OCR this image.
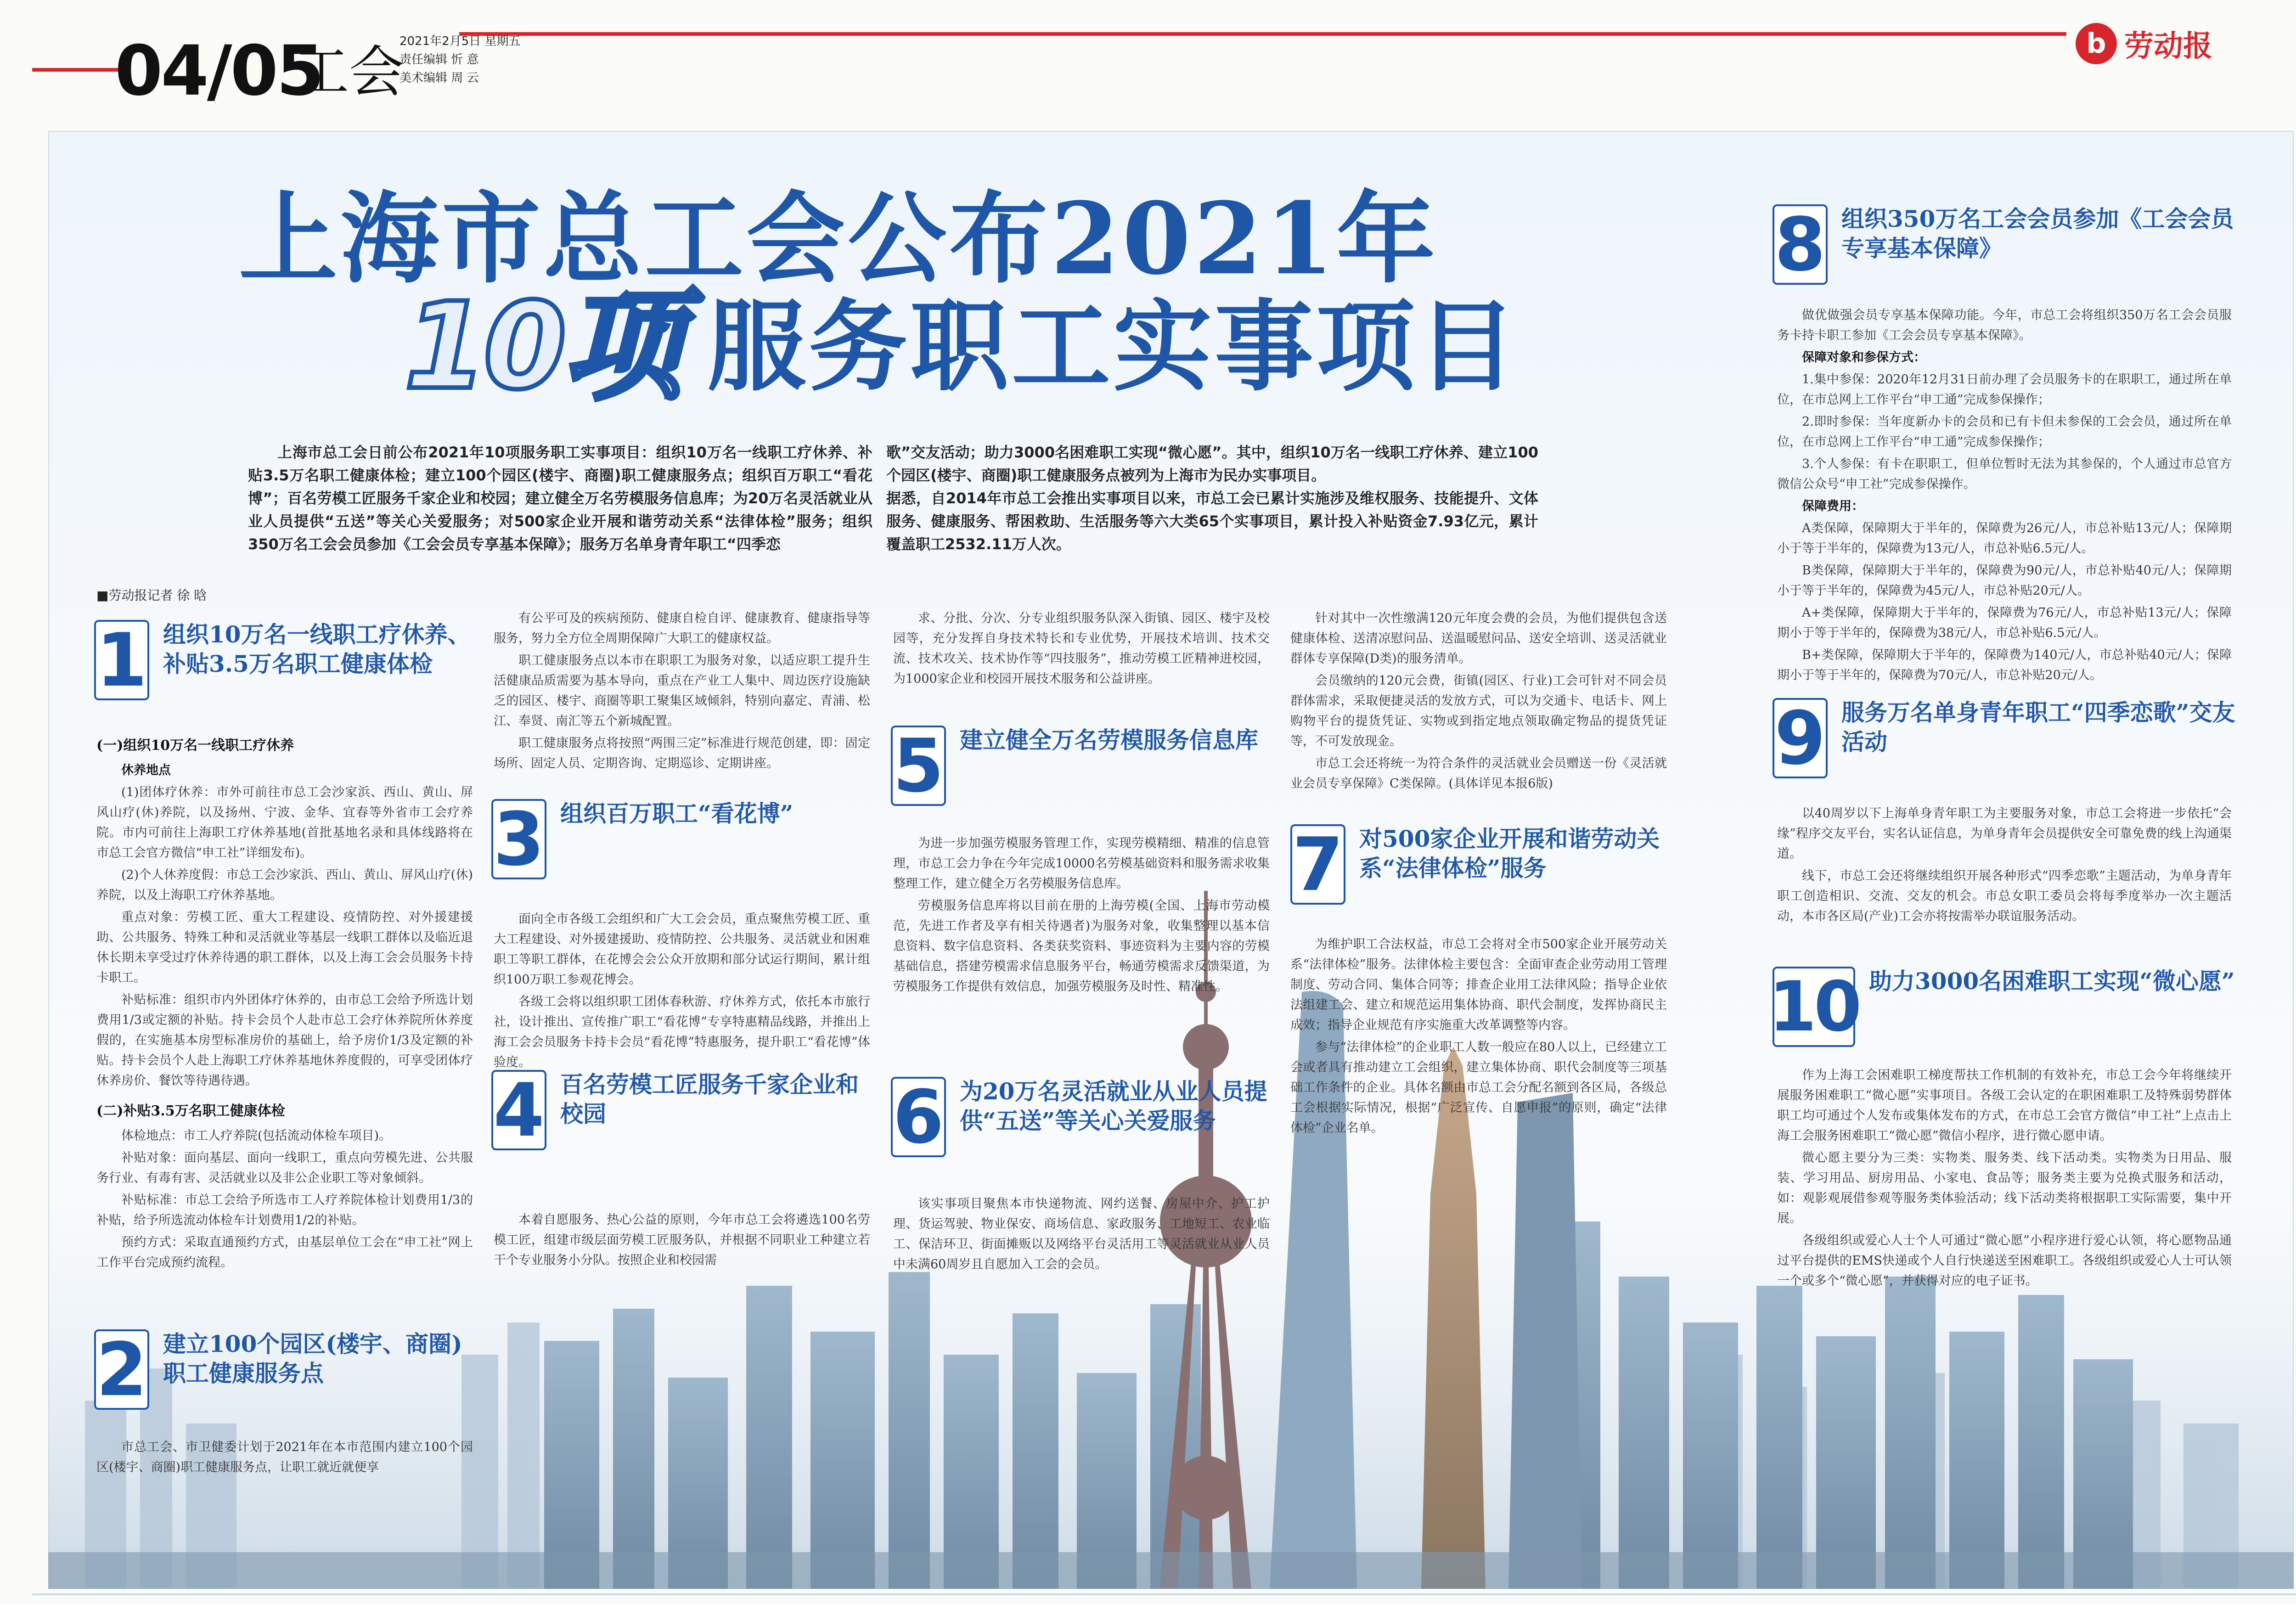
04/05
工会
2021年2月5日 星期五
责任编辑 忻 意
美术编辑 周 云
b 劳动报
上海市总工会公布2021年
10项 服务职工实事项目
上海市总工会日前公布2021年10项服务职工实事项目：组织10万名一线职工疗休养、补贴3.5万名职工健康体检；建立100个园区(楼宇、商圈)职工健康服务点；组织百万职工“看花博”；百名劳模工匠服务千家企业和校园；建立健全万名劳模服务信息库；为20万名灵活就业从业人员提供“五送”等关心关爱服务；对500家企业开展和谐劳动关系“法律体检”服务；组织350万名工会会员参加《工会会员专享基本保障》；服务万名单身青年职工“四季恋
歌”交友活动；助力3000名困难职工实现“微心愿”。其中，组织10万名一线职工疗休养、建立100个园区(楼宇、商圈)职工健康服务点被列为上海市为民办实事项目。
据悉，自2014年市总工会推出实事项目以来，市总工会已累计实施涉及维权服务、技能提升、文体服务、健康服务、帮困救助、生活服务等六大类65个实事项目，累计投入补贴资金7.93亿元，累计覆盖职工2532.11万人次。
■劳动报记者 徐 晗
1 组织10万名一线职工疗休养、补贴3.5万名职工健康体检
2 建立100个园区(楼宇、商圈)职工健康服务点
3 组织百万职工“看花博”
4 百名劳模工匠服务千家企业和校园
5 建立健全万名劳模服务信息库
6 为20万名灵活就业从业人员提供“五送”等关心关爱服务
7 对500家企业开展和谐劳动关系“法律体检”服务
8 组织350万名工会会员参加《工会会员专享基本保障》
9 服务万名单身青年职工“四季恋歌”交友活动
10 助力3000名困难职工实现“微心愿”

(一)组织10万名一线职工疗休养

休养地点

(1)团体疗休养：市外可前往市总工会沙家浜、西山、黄山、屏风山疗(休)养院，以及扬州、宁波、金华、宜春等外省市工会疗养院。市内可前往上海职工疗休养基地(首批基地名录和具体线路将在市总工会官方微信“申工社”详细发布)。

(2)个人休养度假：市总工会沙家浜、西山、黄山、屏风山疗(休)养院，以及上海职工疗休养基地。

重点对象：劳模工匠、重大工程建设、疫情防控、对外援建援助、公共服务、特殊工种和灵活就业等基层一线职工群体以及临近退休长期未享受过疗休养待遇的职工群体，以及上海工会会员服务卡持卡职工。

补贴标准：组织市内外团体疗休养的，由市总工会给予所选计划费用1/3或定额的补贴。持卡会员个人赴市总工会疗休养院所休养度假的，在实施基本房型标准房价的基础上，给予房价1/3及定额的补贴。持卡会员个人赴上海职工疗休养基地休养度假的，可享受团体疗休养房价、餐饮等待遇待遇。

(二)补贴3.5万名职工健康体检

体检地点：市工人疗养院(包括流动体检车项目)。

补贴对象：面向基层、面向一线职工，重点向劳模先进、公共服务行业、有毒有害、灵活就业以及非公企业职工等对象倾斜。

补贴标准：市总工会给予所选市工人疗养院体检计划费用1/3的补贴，给予所选流动体检车计划费用1/2的补贴。

预约方式：采取直通预约方式，由基层单位工会在“申工社”网上工作平台完成预约流程。

市总工会、市卫健委计划于2021年在本市范围内建立100个园区(楼宇、商圈)职工健康服务点，让职工就近就便享

有公平可及的疾病预防、健康自检自评、健康教育、健康指导等服务，努力全方位全周期保障广大职工的健康权益。

职工健康服务点以本市在职职工为服务对象，以适应职工提升生活健康品质需要为基本导向，重点在产业工人集中、周边医疗设施缺乏的园区、楼宇、商圈等职工聚集区域倾斜，特别向嘉定、青浦、松江、奉贤、南汇等五个新城配置。

职工健康服务点将按照“两围三定”标准进行规范创建，即：固定场所、固定人员、定期咨询、定期巡诊、定期讲座。

面向全市各级工会组织和广大工会会员，重点聚焦劳模工匠、重大工程建设、对外援建援助、疫情防控、公共服务、灵活就业和困难职工等职工群体，在花博会会公众开放期和部分试运行期间，累计组织100万职工参观花博会。

各级工会将以组织职工团体春秋游、疗休养方式，依托本市旅行社，设计推出、宣传推广职工“看花博”专享特惠精品线路，并推出上海工会会员服务卡持卡会员“看花博”特惠服务，提升职工“看花博”体验度。

本着自愿服务、热心公益的原则，今年市总工会将遴选100名劳模工匠，组建市级层面劳模工匠服务队，并根据不同职业工种建立若干个专业服务小分队。按照企业和校园需

求、分批、分次、分专业组织服务队深入街镇、园区、楼宇及校园等，充分发挥自身技术特长和专业优势，开展技术培训、技术交流、技术攻关、技术协作等“四技服务”，推动劳模工匠精神进校园，为1000家企业和校园开展技术服务和公益讲座。

为进一步加强劳模服务管理工作，实现劳模精细、精准的信息管理，市总工会力争在今年完成10000名劳模基础资料和服务需求收集整理工作，建立健全万名劳模服务信息库。

劳模服务信息库将以目前在册的上海劳模(全国、上海市劳动模范，先进工作者及享有相关待遇者)为服务对象，收集整理以基本信息资料、数字信息资料、各类获奖资料、事迹资料为主要内容的劳模基础信息，搭建劳模需求信息服务平台，畅通劳模需求反馈渠道，为劳模服务工作提供有效信息，加强劳模服务及时性、精准性。

该实事项目聚焦本市快递物流、网约送餐、房屋中介、护工护理、货运驾驶、物业保安、商场信息、家政服务、工地短工、农业临工、保洁环卫、街面摊贩以及网络平台灵活用工等灵活就业从业人员中未满60周岁且自愿加入工会的会员。

针对其中一次性缴满120元年度会费的会员，为他们提供包含送健康体检、送清凉慰问品、送温暖慰问品、送安全培训、送灵活就业群体专享保障(D类)的服务清单。

会员缴纳的120元会费，街镇(园区、行业)工会可针对不同会员群体需求，采取便捷灵活的发放方式，可以为交通卡、电话卡、网上购物平台的提货凭证、实物或到指定地点领取确定物品的提货凭证等，不可发放现金。

市总工会还将统一为符合条件的灵活就业会员赠送一份《灵活就业会员专享保障》C类保障。(具体详见本报6版)

为维护职工合法权益，市总工会将对全市500家企业开展劳动关系“法律体检”服务。法律体检主要包含：全面审查企业劳动用工管理制度、劳动合同、集体合同等；排查企业用工法律风险；指导企业依法组建工会、建立和规范运用集体协商、职代会制度，发挥协商民主成效；指导企业规范有序实施重大改革调整等内容。

参与“法律体检”的企业职工人数一般应在80人以上，已经建立工会或者具有推动建立工会组织，建立集体协商、职代会制度等三项基础工作条件的企业。具体名额由市总工会分配名额到各区局，各级总工会根据实际情况，根据“广泛宣传、自愿申报”的原则，确定“法律体检”企业名单。

做优做强会员专享基本保障功能。今年，市总工会将组织350万名工会会员服务卡持卡职工参加《工会会员专享基本保障》。

保障对象和参保方式：

1.集中参保：2020年12月31日前办理了会员服务卡的在职职工，通过所在单位，在市总网上工作平台“申工通”完成参保操作；

2.即时参保：当年度新办卡的会员和已有卡但未参保的工会会员，通过所在单位，在市总网上工作平台“申工通”完成参保操作；

3.个人参保：有卡在职职工，但单位暂时无法为其参保的，个人通过市总官方微信公众号“申工社”完成参保操作。

保障费用：

A类保障，保障期大于半年的，保障费为26元/人，市总补贴13元/人；保障期小于等于半年的，保障费为13元/人，市总补贴6.5元/人。

B类保障，保障期大于半年的，保障费为90元/人，市总补贴40元/人；保障期小于等于半年的，保障费为45元/人，市总补贴20元/人。

A+类保障，保障期大于半年的，保障费为76元/人，市总补贴13元/人；保障期小于等于半年的，保障费为38元/人，市总补贴6.5元/人。

B+类保障，保障期大于半年的，保障费为140元/人，市总补贴40元/人；保障期小于等于半年的，保障费为70元/人，市总补贴20元/人。

以40周岁以下上海单身青年职工为主要服务对象，市总工会将进一步依托“会缘”程序交友平台，实名认证信息，为单身青年会员提供安全可靠免费的线上沟通渠道。

线下，市总工会还将继续组织开展各种形式“四季恋歌”主题活动，为单身青年职工创造相识、交流、交友的机会。市总女职工委员会将每季度举办一次主题活动，本市各区局(产业)工会亦将按需举办联谊服务活动。

作为上海工会困难职工梯度帮扶工作机制的有效补充，市总工会今年将继续开展服务困难职工“微心愿”实事项目。各级工会认定的在职困难职工及特殊弱势群体职工均可通过个人发布或集体发布的方式，在市总工会官方微信“申工社”上点击上海工会服务困难职工“微心愿”微信小程序，进行微心愿申请。

微心愿主要分为三类：实物类、服务类、线下活动类。实物类为日用品、服装、学习用品、厨房用品、小家电、食品等；服务类主要为兑换式服务和活动，如：观影观展借参观等服务类体验活动；线下活动类将根据职工实际需要，集中开展。

各级组织或爱心人士个人可通过“微心愿”小程序进行爱心认领，将心愿物品通过平台提供的EMS快递或个人自行快递送至困难职工。各级组织或爱心人士可认领一个或多个“微心愿”，并获得对应的电子证书。
